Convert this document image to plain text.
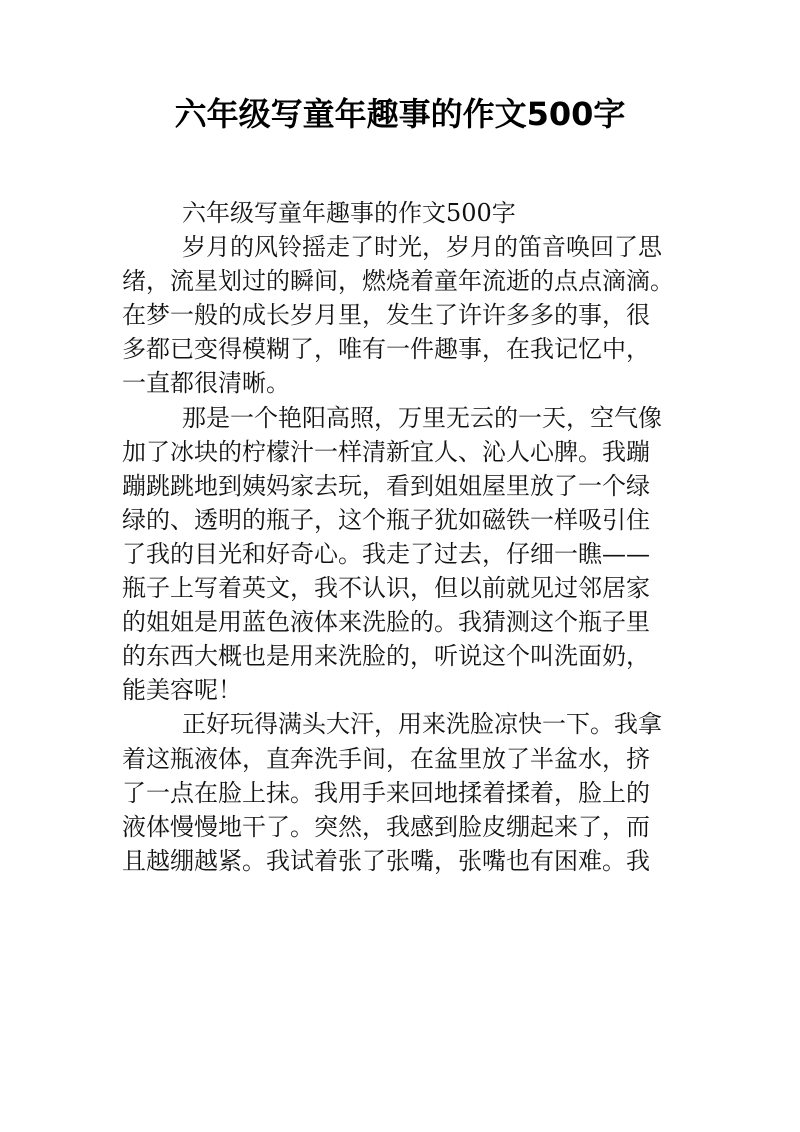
六年级写童年趣事的作文500字
六年级写童年趣事的作文500字
岁月的风铃摇走了时光，岁月的笛音唤回了思
绪，流星划过的瞬间，燃烧着童年流逝的点点滴滴。
在梦一般的成长岁月里，发生了许许多多的事，很
多都已变得模糊了，唯有一件趣事，在我记忆中，
一直都很清晰。
那是一个艳阳高照，万里无云的一天，空气像
加了冰块的柠檬汁一样清新宜人、沁人心脾。我蹦
蹦跳跳地到姨妈家去玩，看到姐姐屋里放了一个绿
绿的、透明的瓶子，这个瓶子犹如磁铁一样吸引住
了我的目光和好奇心。我走了过去，仔细一瞧——
瓶子上写着英文，我不认识，但以前就见过邻居家
的姐姐是用蓝色液体来洗脸的。我猜测这个瓶子里
的东西大概也是用来洗脸的，听说这个叫洗面奶，
能美容呢！
正好玩得满头大汗，用来洗脸凉快一下。我拿
着这瓶液体，直奔洗手间，在盆里放了半盆水，挤
了一点在脸上抹。我用手来回地揉着揉着，脸上的
液体慢慢地干了。突然，我感到脸皮绷起来了，而
且越绷越紧。我试着张了张嘴，张嘴也有困难。我
